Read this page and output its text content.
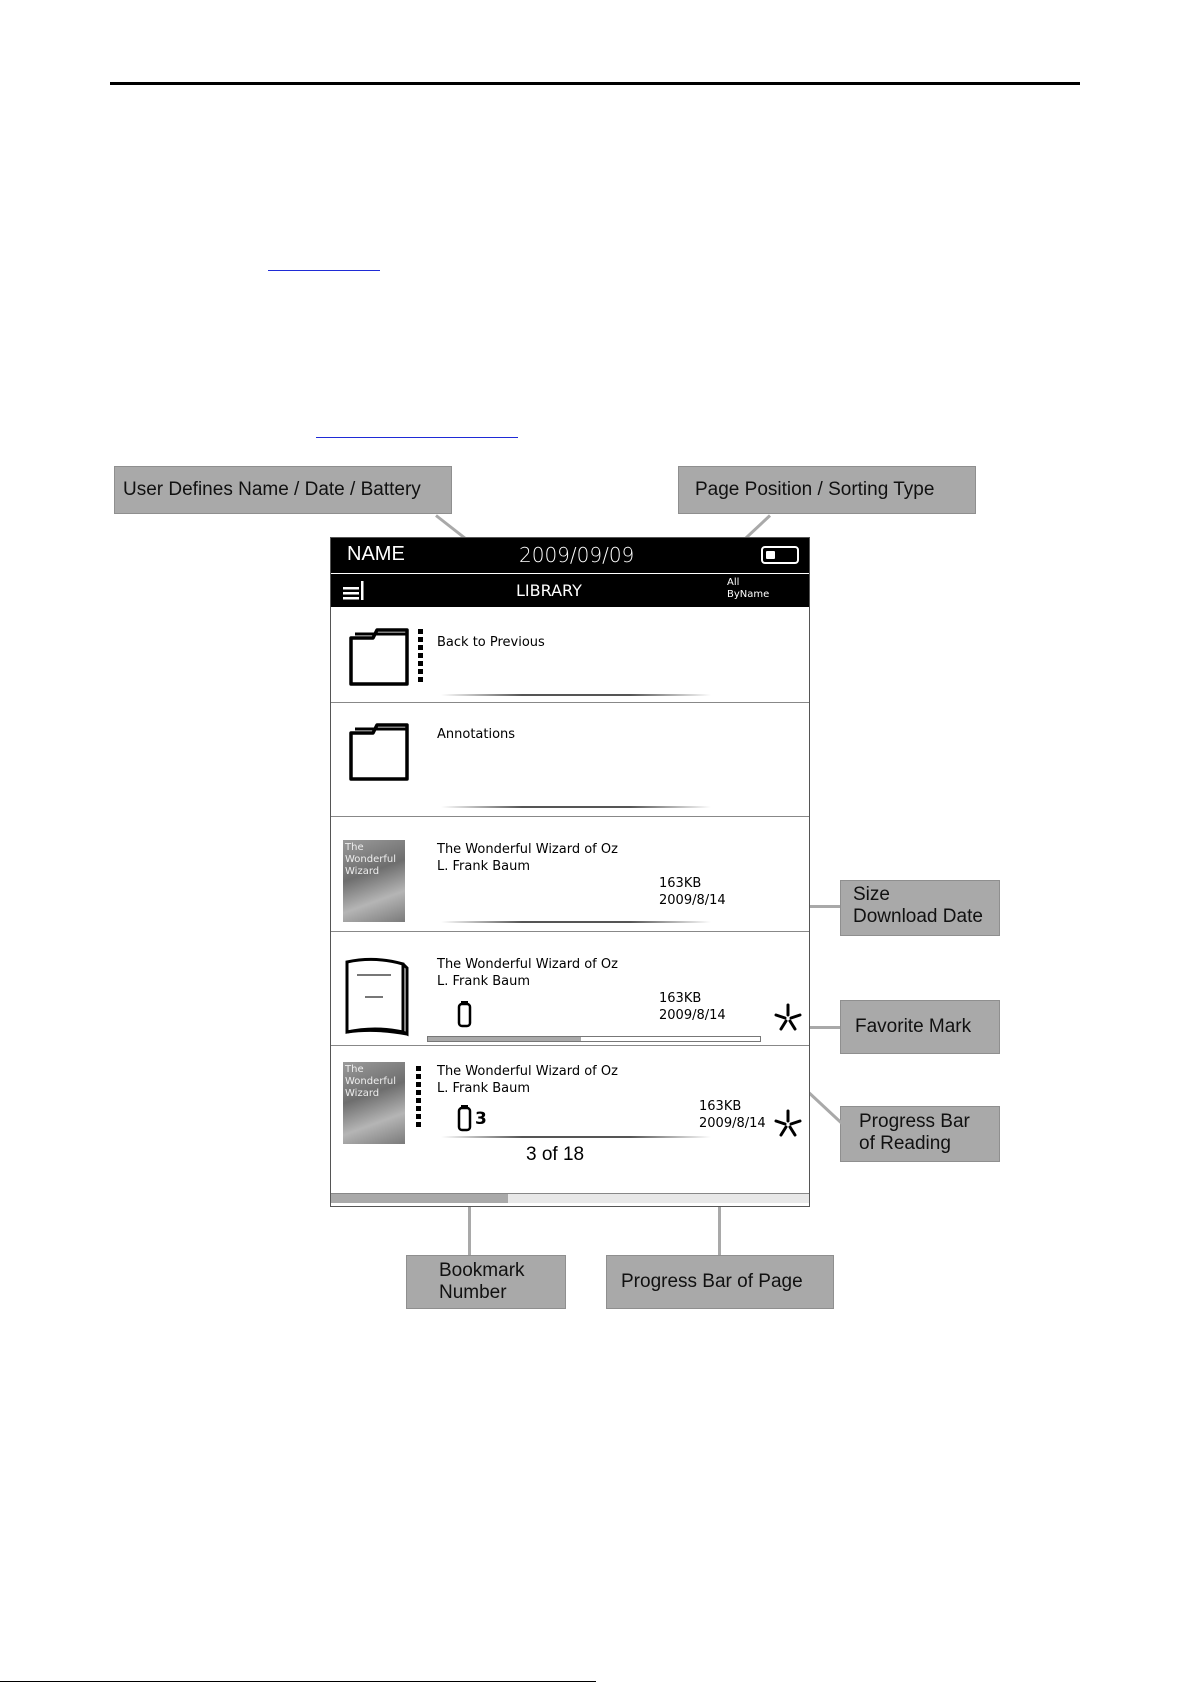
User Defines Name / Date / Battery	Page Position / Sorting Type
Size
Download Date
Favorite Mark
Progress Bar
of Reading
Bookmark
Number
Progress Bar of Page
NAME	2009/09/09
LIBRARY	All
ByName
Back to Previous
Annotations
The Wonderful Wizard
The Wonderful Wizard of Oz
L. Frank Baum
163KB
2009/8/14
The Wonderful Wizard of Oz
L. Frank Baum
163KB
2009/8/14
The Wonderful Wizard
The Wonderful Wizard of Oz
L. Frank Baum
3
163KB
2009/8/14
3 of 18
